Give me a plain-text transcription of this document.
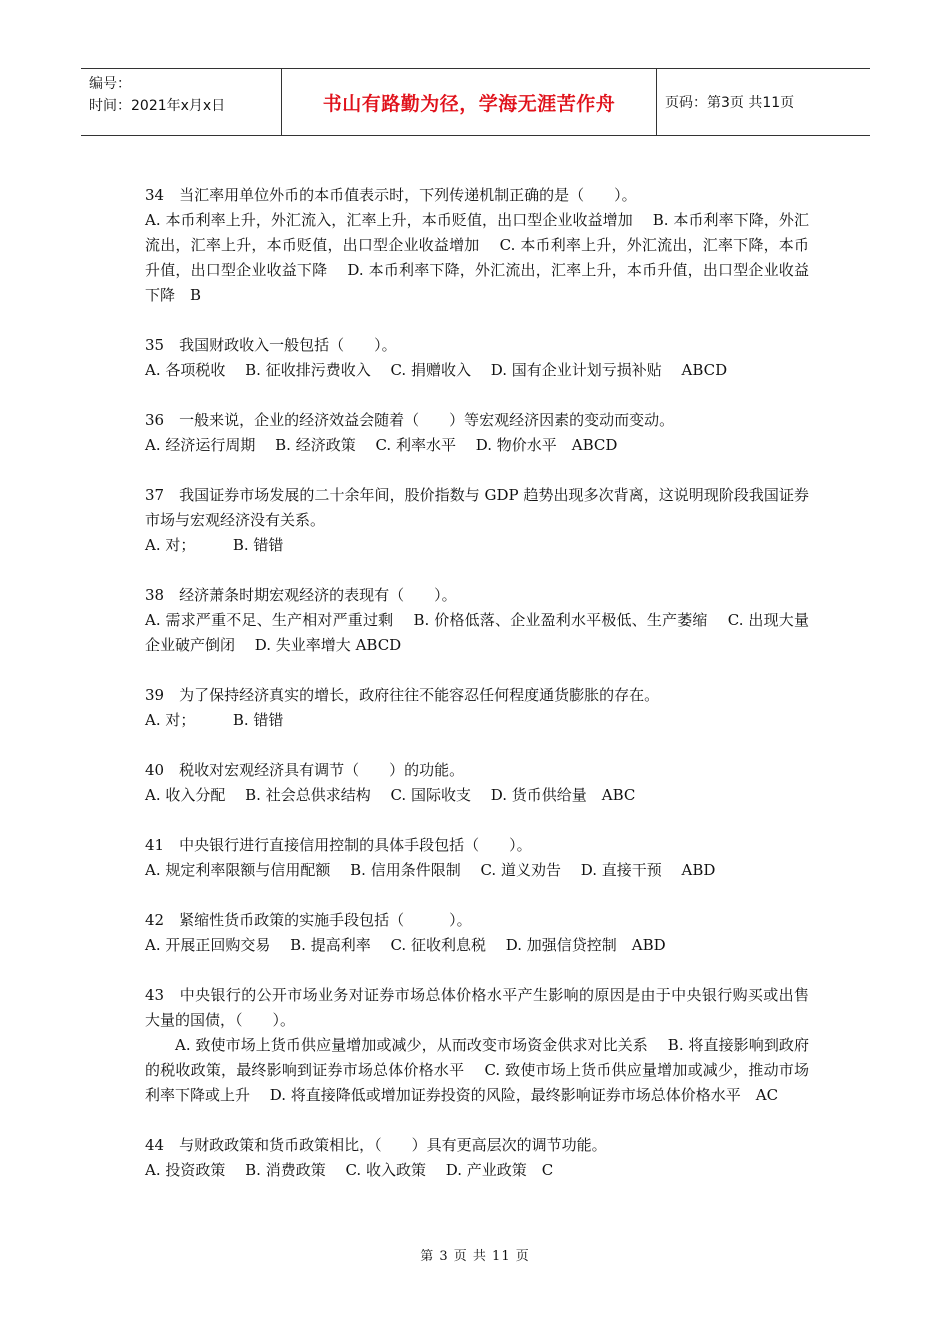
编号：
时间：2021年x月x日	书山有路勤为径，学海无涯苦作舟	页码：第3页 共11页

34　当汇率用单位外币的本币值表示时，下列传递机制正确的是（　　）。

A. 本币利率上升，外汇流入，汇率上升，本币贬值，出口型企业收益增加　 B. 本币利率下降，外汇流出，汇率上升，本币贬值，出口型企业收益增加　 C. 本币利率上升，外汇流出，汇率下降，本币升值，出口型企业收益下降　 D. 本币利率下降，外汇流出，汇率上升，本币升值，出口型企业收益下降　B

35　我国财政收入一般包括（　　）。

A. 各项税收　 B. 征收排污费收入　 C. 捐赠收入　 D. 国有企业计划亏损补贴　 ABCD

36　一般来说，企业的经济效益会随着（　　）等宏观经济因素的变动而变动。

A. 经济运行周期　 B. 经济政策　 C. 利率水平　 D. 物价水平　ABCD

37　我国证券市场发展的二十余年间，股价指数与 GDP 趋势出现多次背离，这说明现阶段我国证券市场与宏观经济没有关系。

A. 对；　　　B. 错错

38　经济萧条时期宏观经济的表现有（　　）。

A. 需求严重不足、生产相对严重过剩　 B. 价格低落、企业盈利水平极低、生产萎缩　 C. 出现大量企业破产倒闭　 D. 失业率增大 ABCD

39　为了保持经济真实的增长，政府往往不能容忍任何程度通货膨胀的存在。

A. 对；　　　B. 错错

40　税收对宏观经济具有调节（　　）的功能。

A. 收入分配　 B. 社会总供求结构　 C. 国际收支　 D. 货币供给量　ABC

41　中央银行进行直接信用控制的具体手段包括（　　）。

A. 规定利率限额与信用配额　 B. 信用条件限制　 C. 道义劝告　 D. 直接干预　 ABD

42　紧缩性货币政策的实施手段包括（　　　）。

A. 开展正回购交易　 B. 提高利率　 C. 征收利息税　 D. 加强信贷控制　ABD

43　中央银行的公开市场业务对证券市场总体价格水平产生影响的原因是由于中央银行购买或出售大量的国债，（　　）。

A. 致使市场上货币供应量增加或减少，从而改变市场资金供求对比关系　 B. 将直接影响到政府的税收政策，最终影响到证券市场总体价格水平　 C. 致使市场上货币供应量增加或减少，推动市场利率下降或上升　 D. 将直接降低或增加证券投资的风险，最终影响证券市场总体价格水平　AC

44　与财政政策和货币政策相比，（　　）具有更高层次的调节功能。

A. 投资政策　 B. 消费政策　 C. 收入政策　 D. 产业政策　C

第 3 页 共 11 页
